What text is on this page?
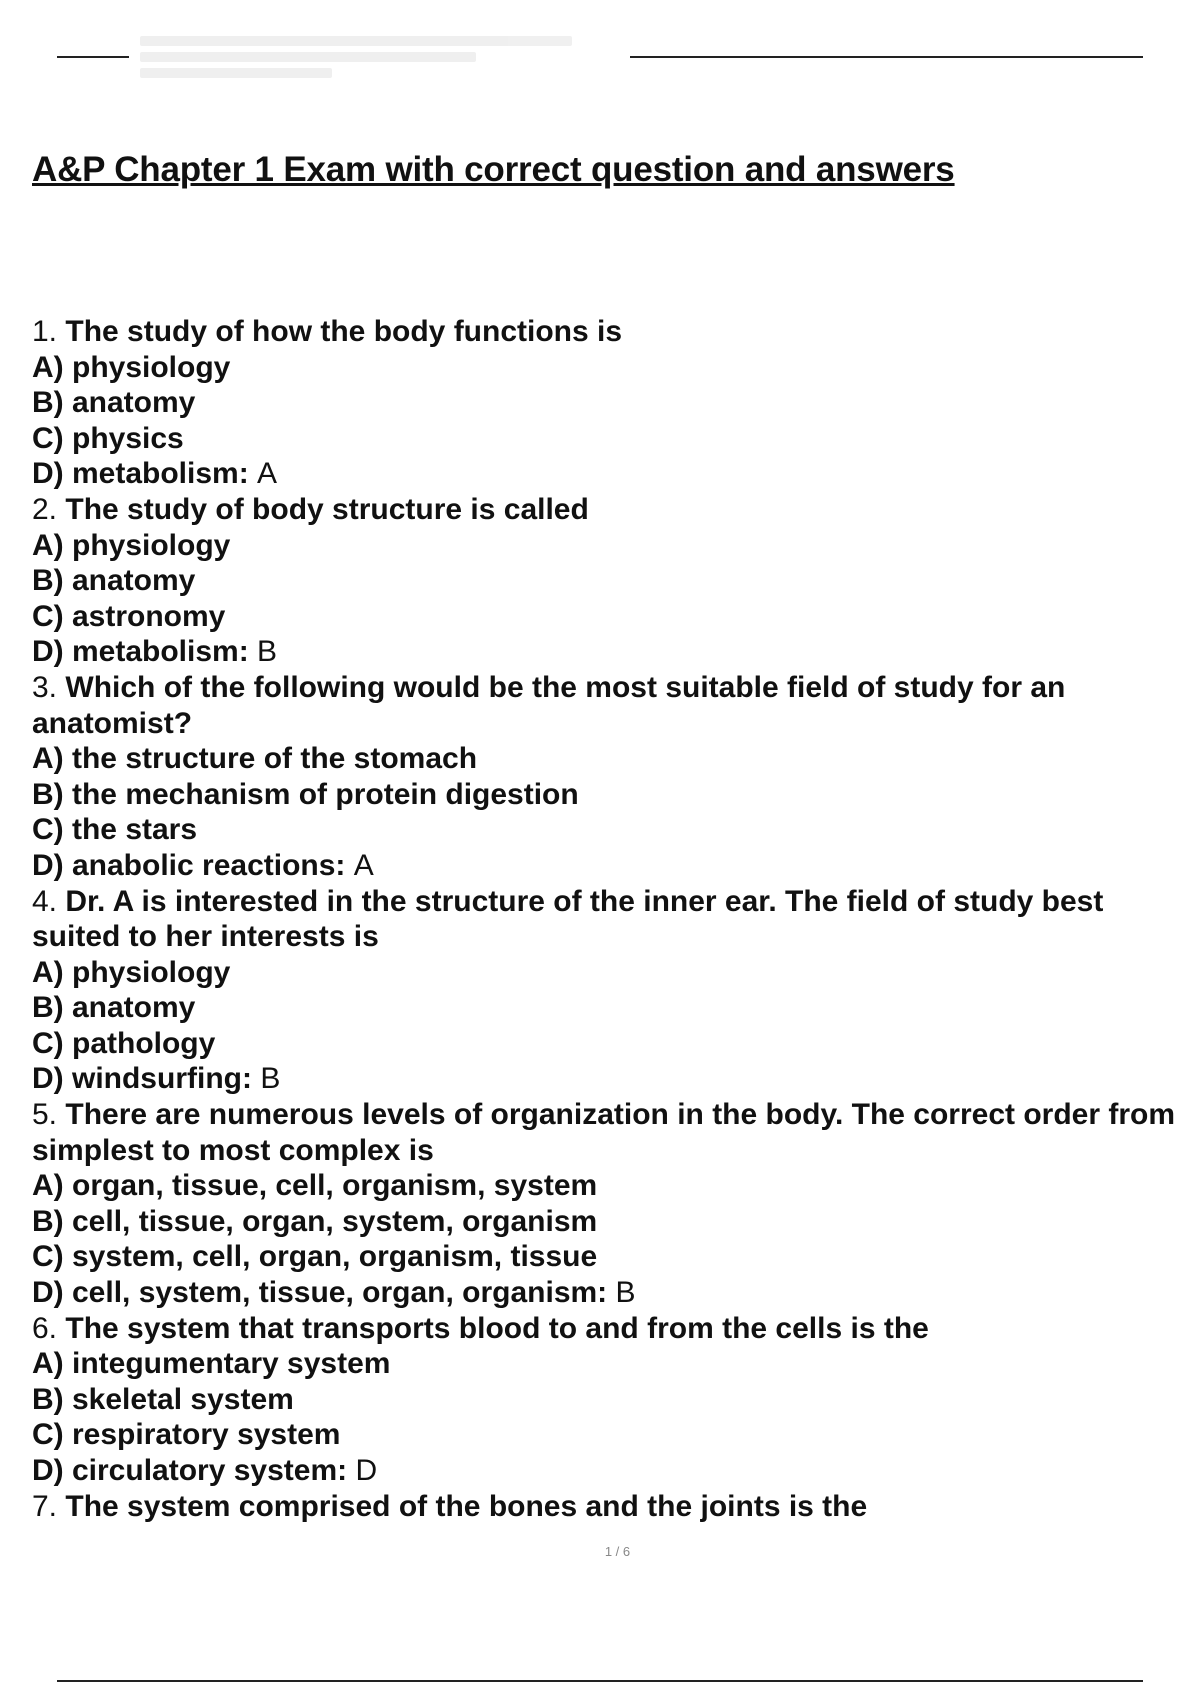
A&P Chapter 1 Exam with correct question and answers
1. The study of how the body functions is
A) physiology
B) anatomy
C) physics
D) metabolism: A
2. The study of body structure is called
A) physiology
B) anatomy
C) astronomy
D) metabolism: B
3. Which of the following would be the most suitable field of study for an anatomist?
A) the structure of the stomach
B) the mechanism of protein digestion
C) the stars
D) anabolic reactions: A
4. Dr. A is interested in the structure of the inner ear. The field of study best suited to her interests is
A) physiology
B) anatomy
C) pathology
D) windsurfing: B
5. There are numerous levels of organization in the body. The correct order from simplest to most complex is
A) organ, tissue, cell, organism, system
B) cell, tissue, organ, system, organism
C) system, cell, organ, organism, tissue
D) cell, system, tissue, organ, organism: B
6. The system that transports blood to and from the cells is the
A) integumentary system
B) skeletal system
C) respiratory system
D) circulatory system: D
7. The system comprised of the bones and the joints is the
1 / 6
